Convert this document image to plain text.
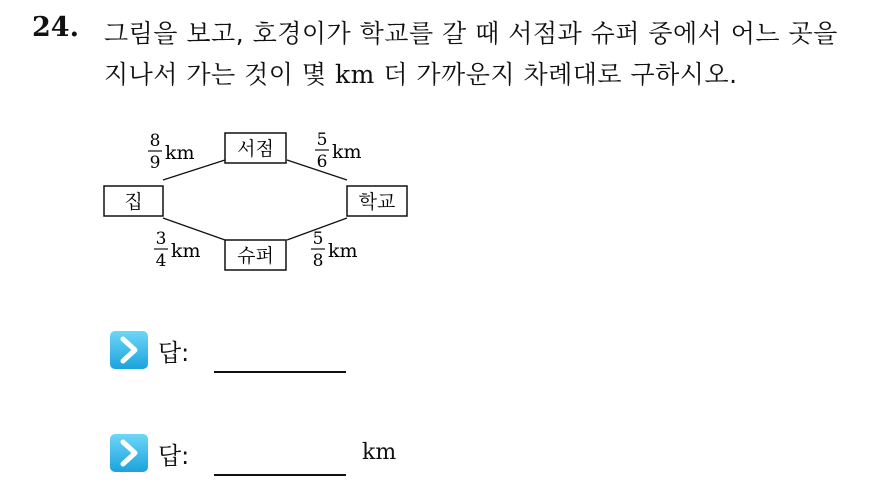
24. 그림을 보고, 호경이가 학교를 갈 때 서점과 슈퍼 중에서 어느 곳을
지나서 가는 것이 몇 km 더 가까운지 차례대로 구하시오.
집
서점
학교
슈퍼
8
9 km
5
6 km
3
4 km
5
8 km
답:
답:	km
